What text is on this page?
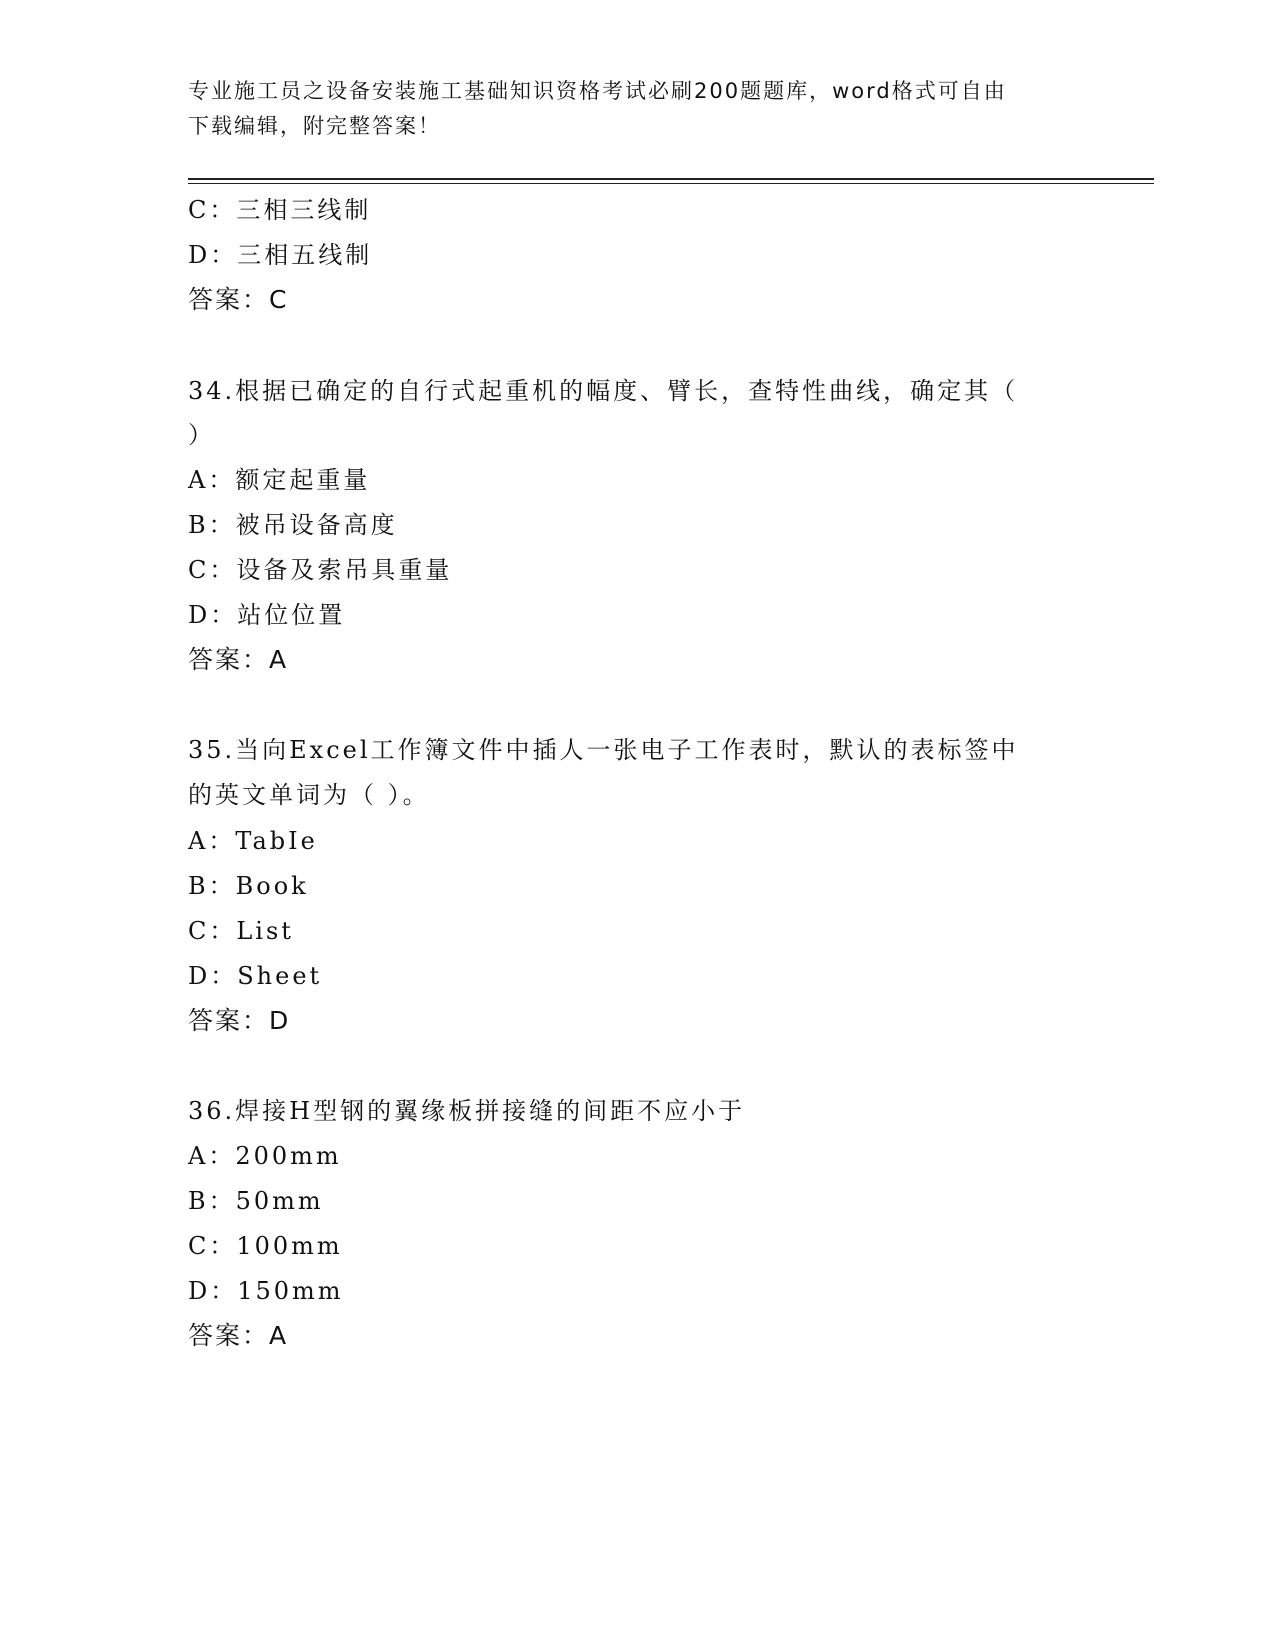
专业施工员之设备安装施工基础知识资格考试必刷200题题库，word格式可自由
下载编辑，附完整答案！
C：三相三线制
D：三相五线制
答案：C
34.根据已确定的自行式起重机的幅度、臂长，查特性曲线，确定其（
）
A：额定起重量
B：被吊设备高度
C：设备及索吊具重量
D：站位位置
答案：A
35.当向Excel工作簿文件中插人一张电子工作表时，默认的表标签中
的英文单词为（ ）。
A：TabIe
B：Book
C：List
D：Sheet
答案：D
36.焊接H型钢的翼缘板拼接缝的间距不应小于
A：200mm
B：50mm
C：100mm
D：150mm
答案：A
